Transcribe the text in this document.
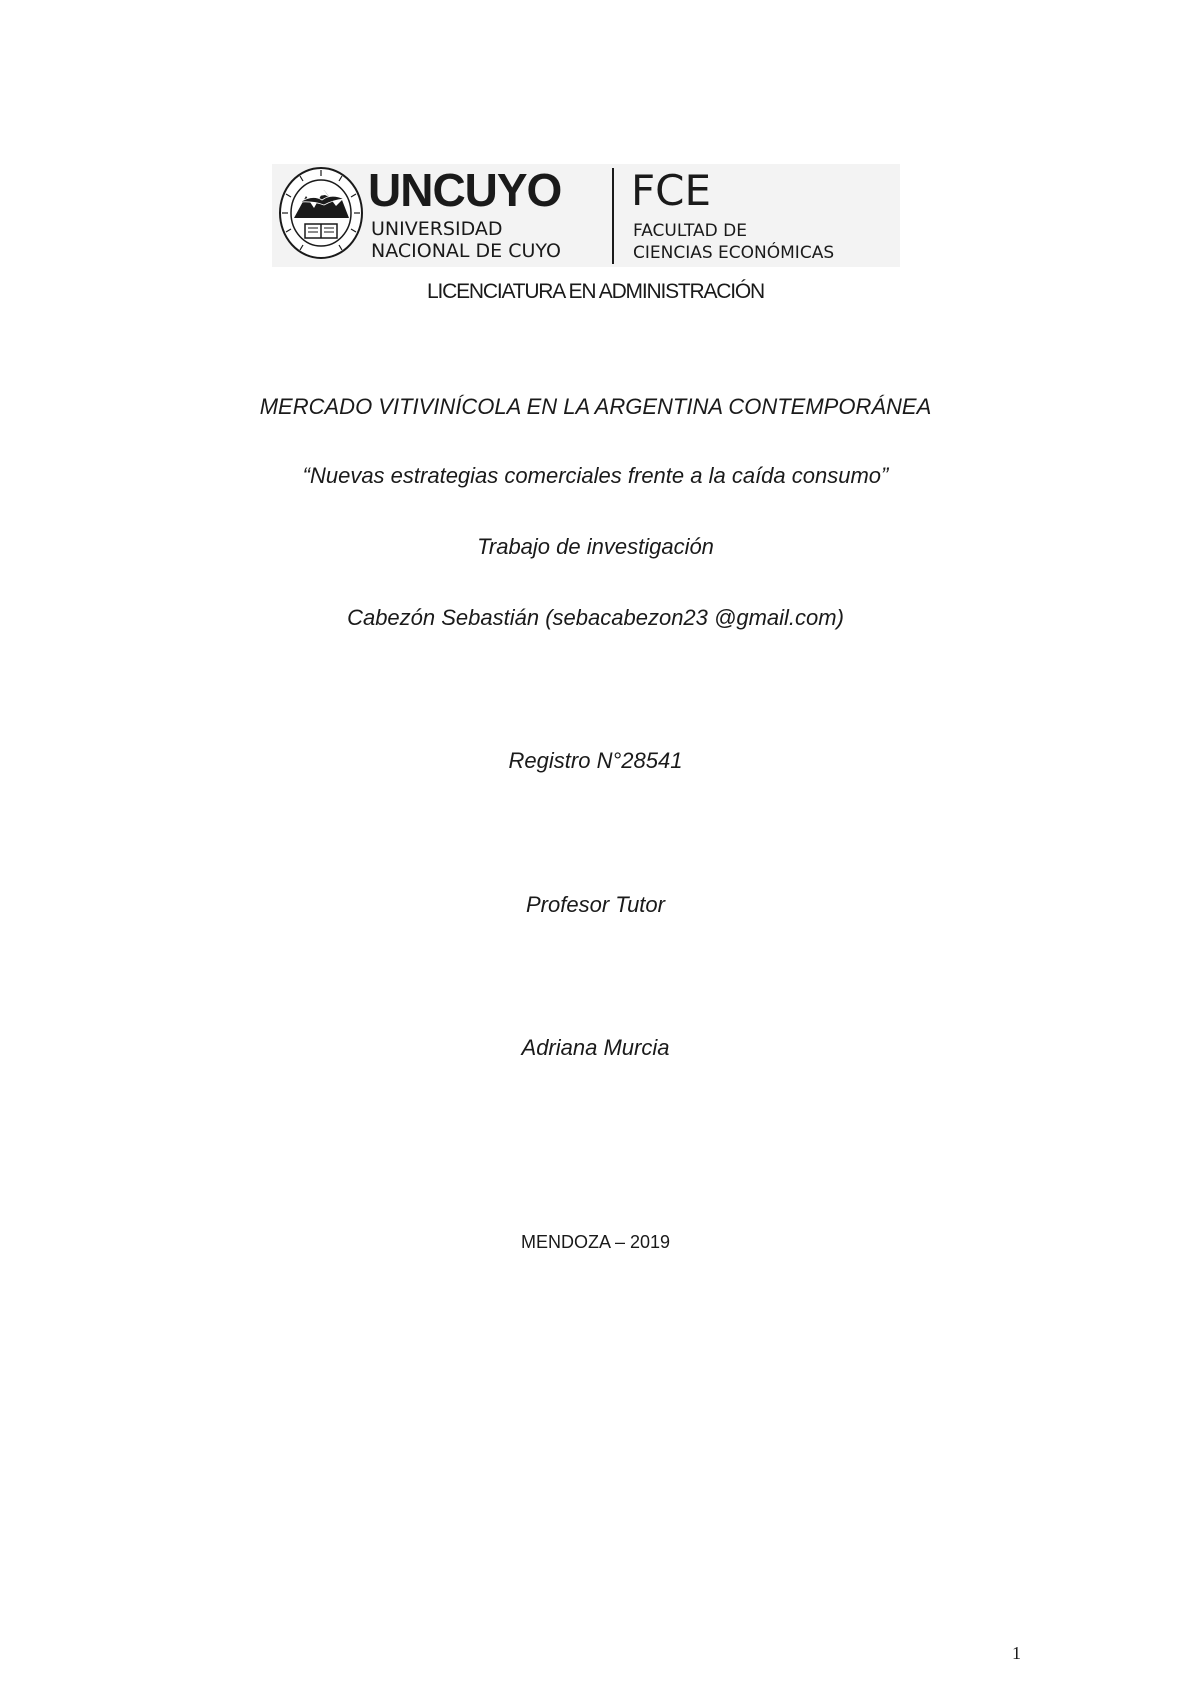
UNCUYO
UNIVERSIDAD
NACIONAL DE CUYO
FCE
FACULTAD DE
CIENCIAS ECONÓMICAS
LICENCIATURA EN ADMINISTRACIÓN
MERCADO VITIVINÍCOLA EN LA ARGENTINA CONTEMPORÁNEA
“Nuevas estrategias comerciales frente a la caída consumo”
Trabajo de investigación
Cabezón Sebastián (sebacabezon23 @gmail.com)
Registro N°28541
Profesor Tutor
Adriana Murcia
MENDOZA – 2019
1
